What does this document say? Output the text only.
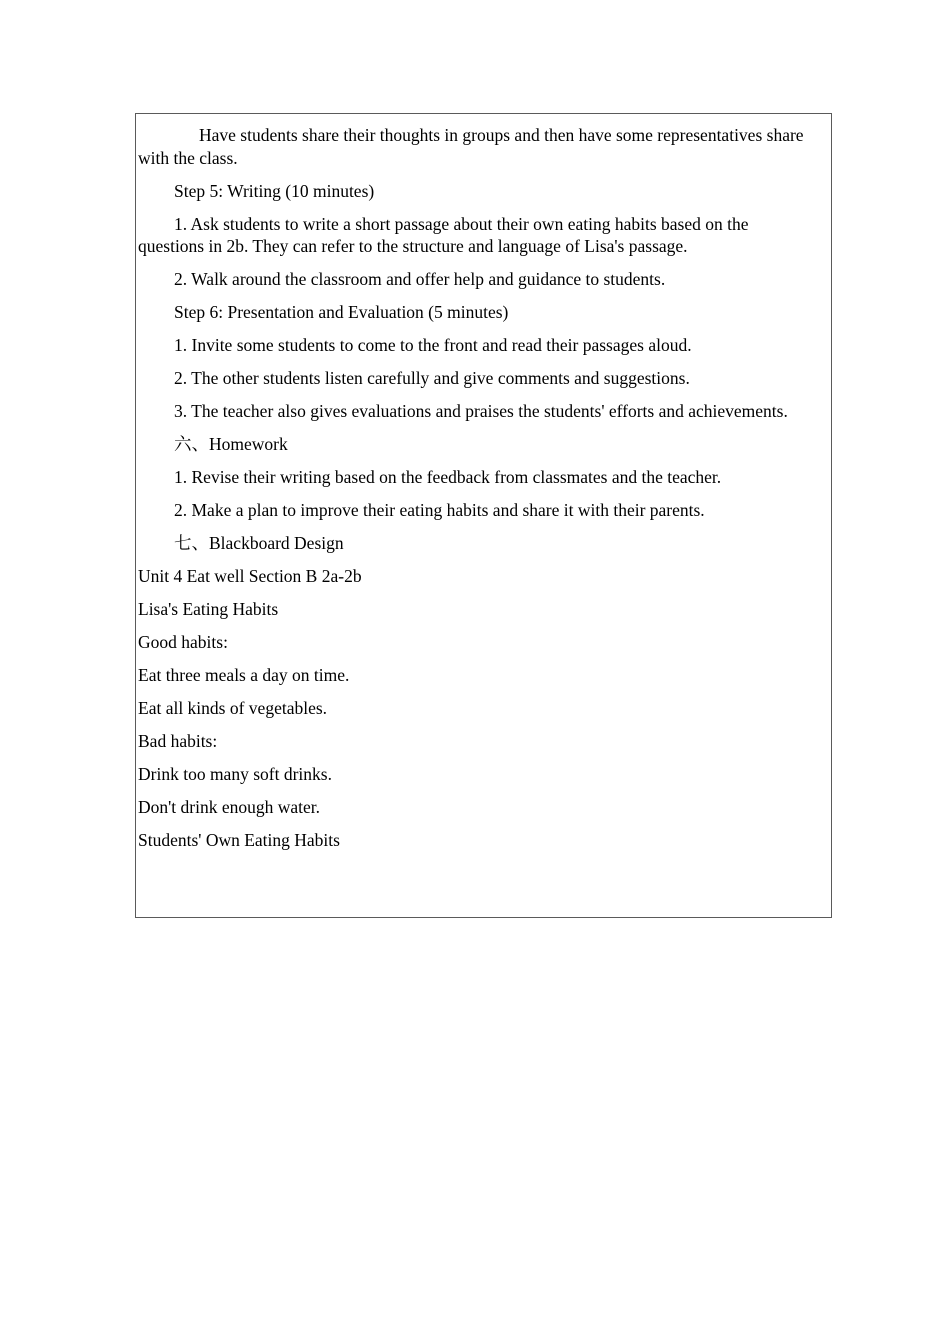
Have students share their thoughts in groups and then have some representatives share with the class.

Step 5: Writing (10 minutes)

1. Ask students to write a short passage about their own eating habits based on the questions in 2b. They can refer to the structure and language of Lisa's passage.

2. Walk around the classroom and offer help and guidance to students.

Step 6: Presentation and Evaluation (5 minutes)

1. Invite some students to come to the front and read their passages aloud.

2. The other students listen carefully and give comments and suggestions.

3. The teacher also gives evaluations and praises the students' efforts and achievements.

六、Homework

1. Revise their writing based on the feedback from classmates and the teacher.

2. Make a plan to improve their eating habits and share it with their parents.

七、Blackboard Design

Unit 4 Eat well Section B 2a-2b

Lisa's Eating Habits

Good habits:

Eat three meals a day on time.

Eat all kinds of vegetables.

Bad habits:

Drink too many soft drinks.

Don't drink enough water.

Students' Own Eating Habits
